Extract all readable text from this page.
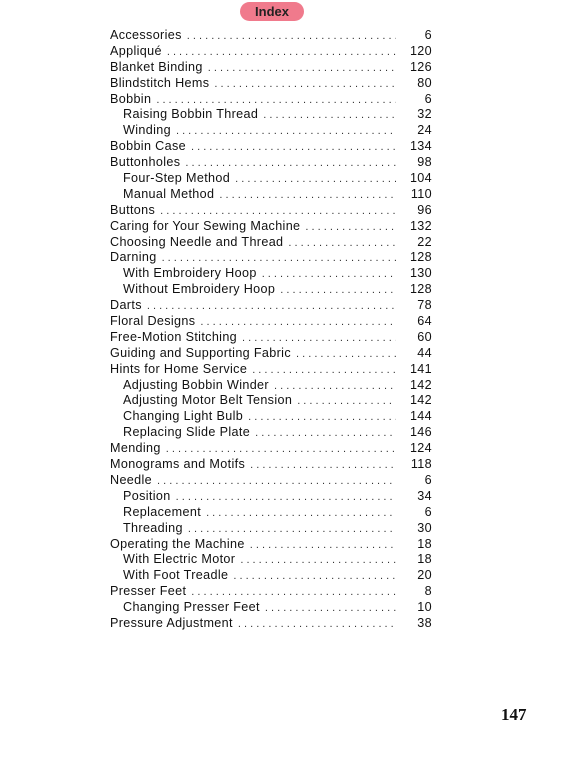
Index
Accessories . . .	6
Appliqué . . .	120
Blanket Binding . . .	126
Blindstitch Hems . . .	80
Bobbin . . .	6
Raising Bobbin Thread . . .	32
Winding . . .	24
Bobbin Case . . .	134
Buttonholes . . .	98
Four-Step Method . . .	104
Manual Method . . .	110
Buttons . . .	96
Caring for Your Sewing Machine . . .	132
Choosing Needle and Thread . . .	22
Darning . . .	128
With Embroidery Hoop . . .	130
Without Embroidery Hoop . . .	128
Darts . . .	78
Floral Designs . . .	64
Free-Motion Stitching . . .	60
Guiding and Supporting Fabric . . .	44
Hints for Home Service . . .	141
Adjusting Bobbin Winder . . .	142
Adjusting Motor Belt Tension . . .	142
Changing Light Bulb . . .	144
Replacing Slide Plate . . .	146
Mending . . .	124
Monograms and Motifs . . .	118
Needle . . .	6
Position . . .	34
Replacement . . .	6
Threading . . .	30
Operating the Machine . . .	18
With Electric Motor . . .	18
With Foot Treadle . . .	20
Presser Feet . . .	8
Changing Presser Feet . . .	10
Pressure Adjustment . . .	38
147
